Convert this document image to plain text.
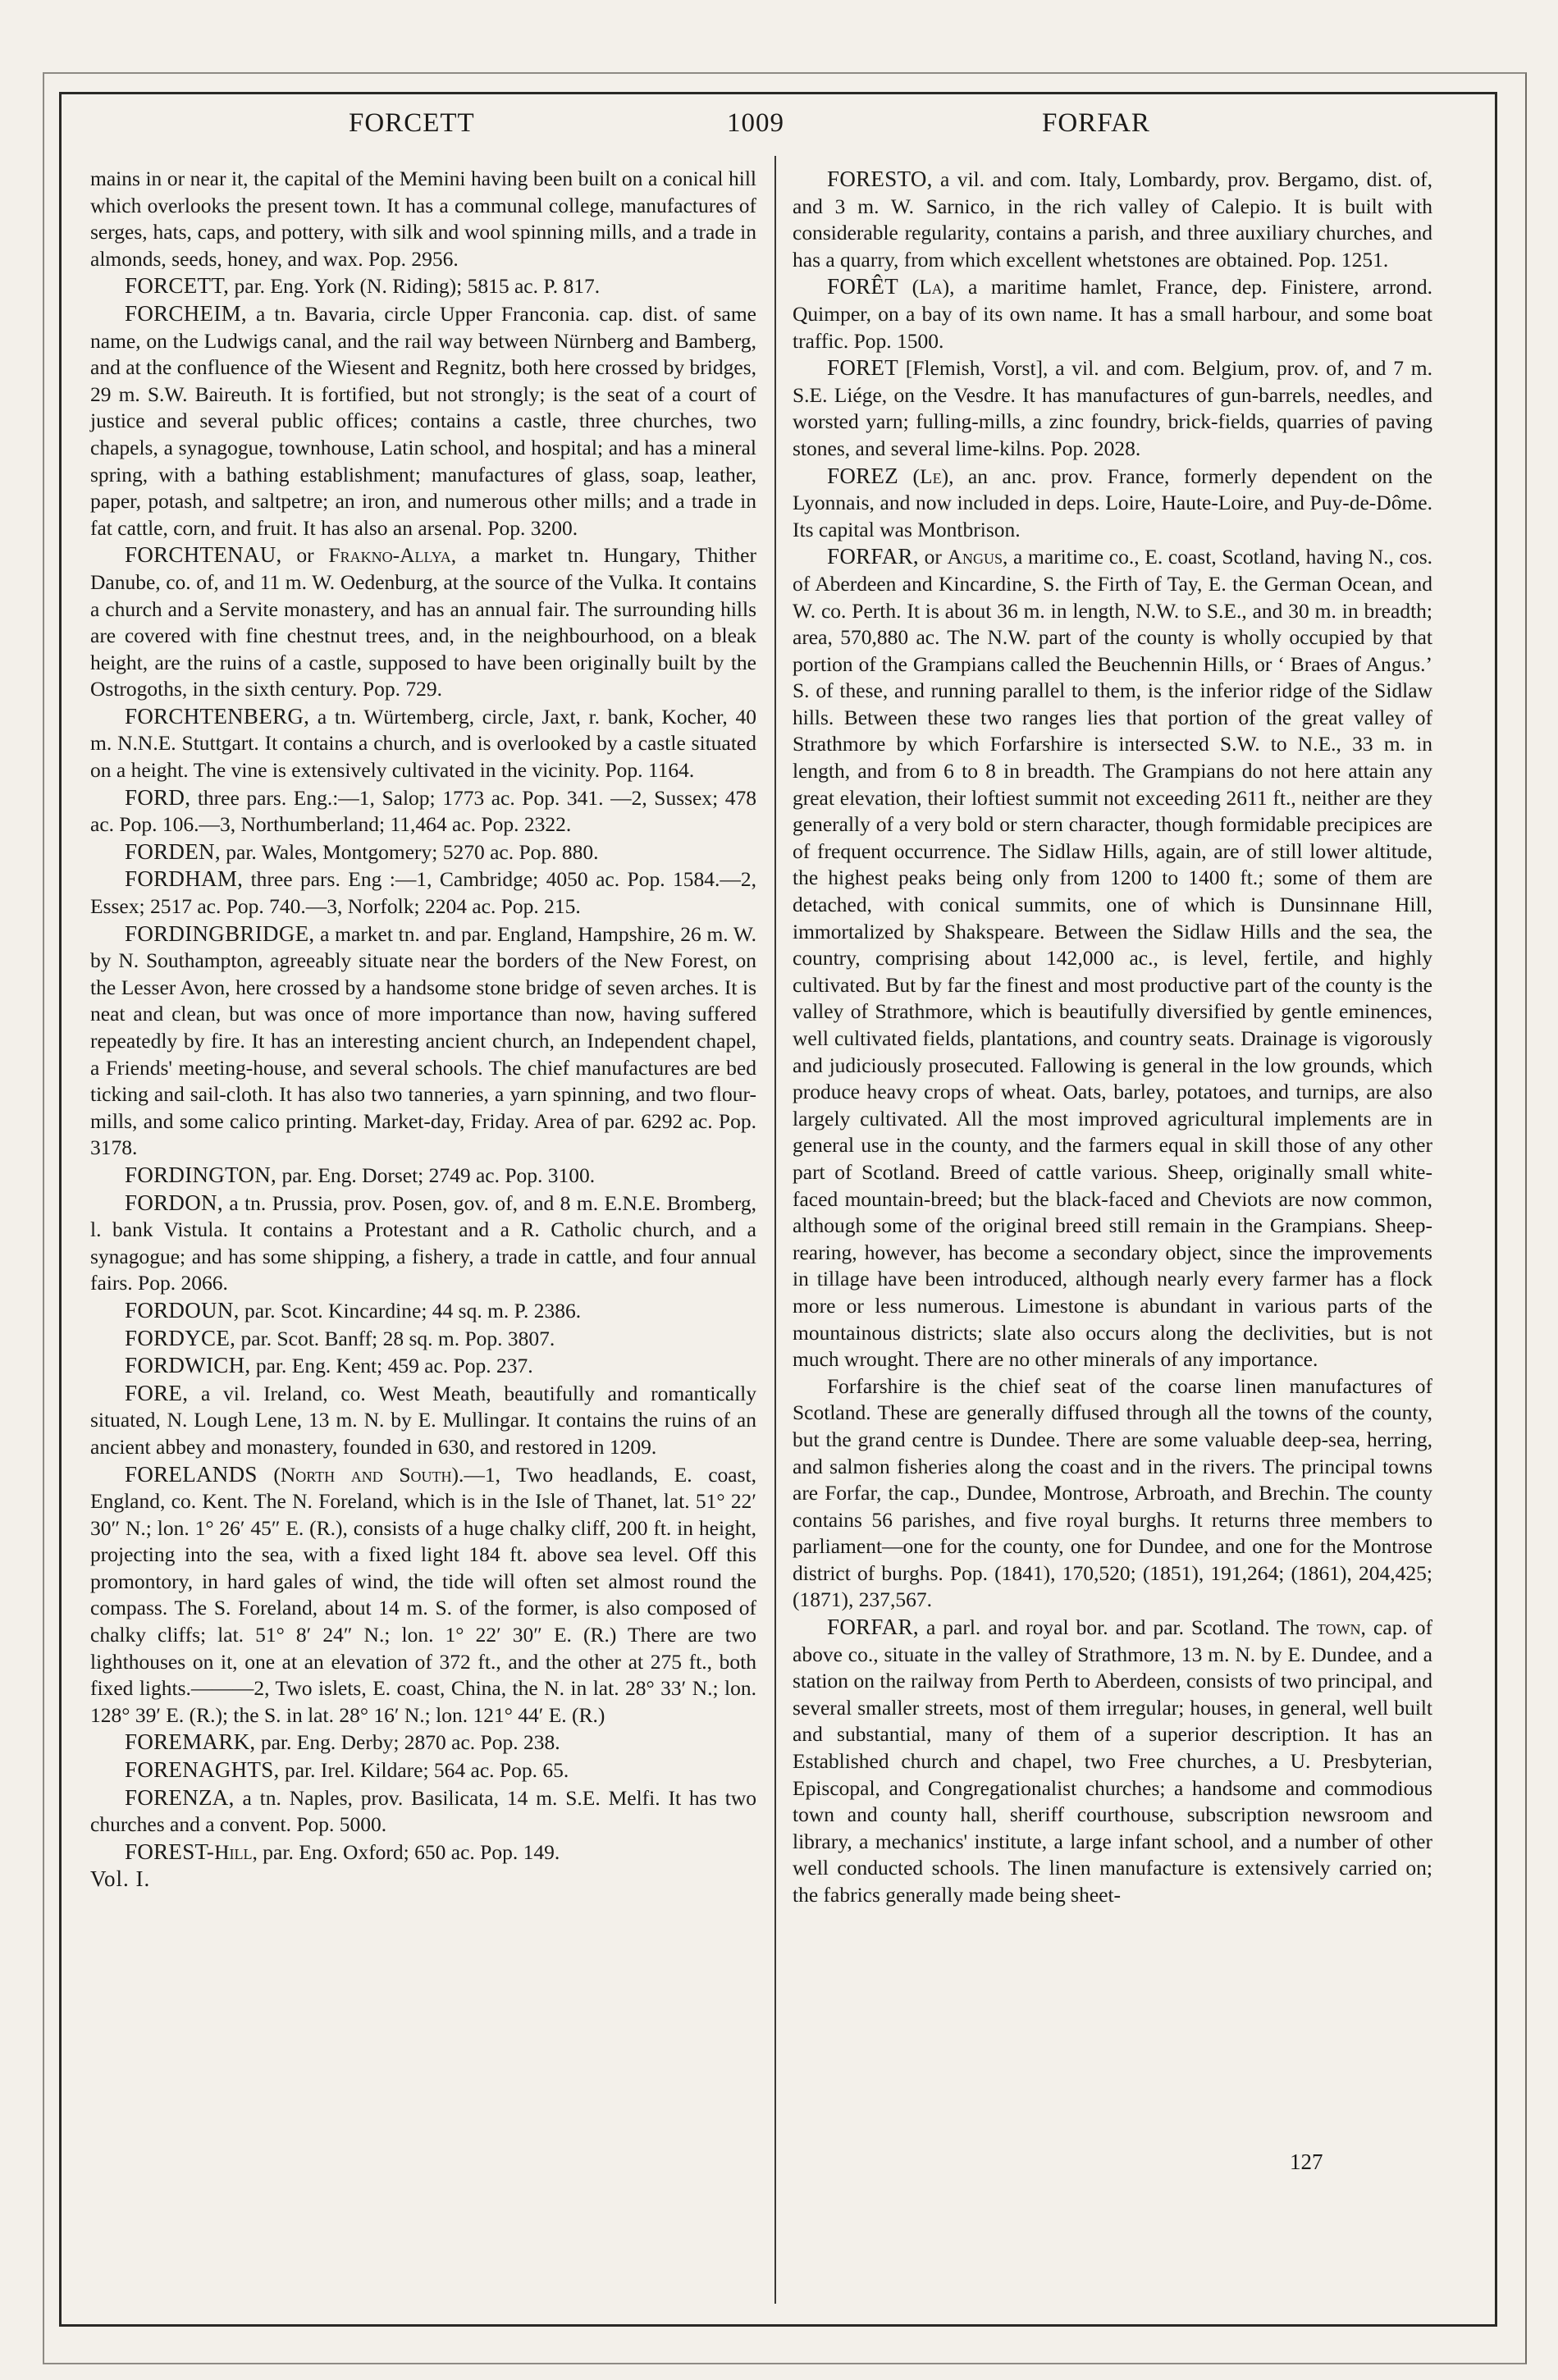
FORCETT	1009	FORFAR

mains in or near it, the capital of the Memini having been built on a conical hill which overlooks the present town. It has a communal college, manufactures of serges, hats, caps, and pottery, with silk and wool spinning mills, and a trade in almonds, seeds, honey, and wax. Pop. 2956.

FORCETT, par. Eng. York (N. Riding); 5815 ac. P. 817.

FORCHEIM, a tn. Bavaria, circle Upper Franconia. cap. dist. of same name, on the Ludwigs canal, and the rail way between Nürnberg and Bamberg, and at the confluence of the Wiesent and Regnitz, both here crossed by bridges, 29 m. S.W. Baireuth. It is fortified, but not strongly; is the seat of a court of justice and several public offices; contains a castle, three churches, two chapels, a synagogue, townhouse, Latin school, and hospital; and has a mineral spring, with a bathing establishment; manufactures of glass, soap, leather, paper, potash, and saltpetre; an iron, and numerous other mills; and a trade in fat cattle, corn, and fruit. It has also an arsenal. Pop. 3200.

FORCHTENAU, or Frakno-Allya, a market tn. Hungary, Thither Danube, co. of, and 11 m. W. Oedenburg, at the source of the Vulka. It contains a church and a Servite monastery, and has an annual fair. The surrounding hills are covered with fine chestnut trees, and, in the neighbourhood, on a bleak height, are the ruins of a castle, supposed to have been originally built by the Ostrogoths, in the sixth century. Pop. 729.

FORCHTENBERG, a tn. Würtemberg, circle, Jaxt, r. bank, Kocher, 40 m. N.N.E. Stuttgart. It contains a church, and is overlooked by a castle situated on a height. The vine is extensively cultivated in the vicinity. Pop. 1164.

FORD, three pars. Eng.:—1, Salop; 1773 ac. Pop. 341. —2, Sussex; 478 ac. Pop. 106.—3, Northumberland; 11,464 ac. Pop. 2322.

FORDEN, par. Wales, Montgomery; 5270 ac. Pop. 880.

FORDHAM, three pars. Eng :—1, Cambridge; 4050 ac. Pop. 1584.—2, Essex; 2517 ac. Pop. 740.—3, Norfolk; 2204 ac. Pop. 215.

FORDINGBRIDGE, a market tn. and par. England, Hampshire, 26 m. W. by N. Southampton, agreeably situate near the borders of the New Forest, on the Lesser Avon, here crossed by a handsome stone bridge of seven arches. It is neat and clean, but was once of more importance than now, having suffered repeatedly by fire. It has an interesting ancient church, an Independent chapel, a Friends' meeting-house, and several schools. The chief manufactures are bed ticking and sail-cloth. It has also two tanneries, a yarn spinning, and two flour-mills, and some calico printing. Market-day, Friday. Area of par. 6292 ac. Pop. 3178.

FORDINGTON, par. Eng. Dorset; 2749 ac. Pop. 3100.

FORDON, a tn. Prussia, prov. Posen, gov. of, and 8 m. E.N.E. Bromberg, l. bank Vistula. It contains a Protestant and a R. Catholic church, and a synagogue; and has some shipping, a fishery, a trade in cattle, and four annual fairs. Pop. 2066.

FORDOUN, par. Scot. Kincardine; 44 sq. m. P. 2386.

FORDYCE, par. Scot. Banff; 28 sq. m. Pop. 3807.

FORDWICH, par. Eng. Kent; 459 ac. Pop. 237.

FORE, a vil. Ireland, co. West Meath, beautifully and romantically situated, N. Lough Lene, 13 m. N. by E. Mullingar. It contains the ruins of an ancient abbey and monastery, founded in 630, and restored in 1209.

FORELANDS (North and South).—1, Two headlands, E. coast, England, co. Kent. The N. Foreland, which is in the Isle of Thanet, lat. 51° 22′ 30″ N.; lon. 1° 26′ 45″ E. (R.), consists of a huge chalky cliff, 200 ft. in height, projecting into the sea, with a fixed light 184 ft. above sea level. Off this promontory, in hard gales of wind, the tide will often set almost round the compass. The S. Foreland, about 14 m. S. of the former, is also composed of chalky cliffs; lat. 51° 8′ 24″ N.; lon. 1° 22′ 30″ E. (R.) There are two lighthouses on it, one at an elevation of 372 ft., and the other at 275 ft., both fixed lights.———2, Two islets, E. coast, China, the N. in lat. 28° 33′ N.; lon. 128° 39′ E. (R.); the S. in lat. 28° 16′ N.; lon. 121° 44′ E. (R.)

FOREMARK, par. Eng. Derby; 2870 ac. Pop. 238.

FORENAGHTS, par. Irel. Kildare; 564 ac. Pop. 65.

FORENZA, a tn. Naples, prov. Basilicata, 14 m. S.E. Melfi. It has two churches and a convent. Pop. 5000.

FOREST-Hill, par. Eng. Oxford; 650 ac. Pop. 149.

Vol. I.

FORESTO, a vil. and com. Italy, Lombardy, prov. Bergamo, dist. of, and 3 m. W. Sarnico, in the rich valley of Calepio. It is built with considerable regularity, contains a parish, and three auxiliary churches, and has a quarry, from which excellent whetstones are obtained. Pop. 1251.

FORÊT (La), a maritime hamlet, France, dep. Finistere, arrond. Quimper, on a bay of its own name. It has a small harbour, and some boat traffic. Pop. 1500.

FORET [Flemish, Vorst], a vil. and com. Belgium, prov. of, and 7 m. S.E. Liége, on the Vesdre. It has manufactures of gun-barrels, needles, and worsted yarn; fulling-mills, a zinc foundry, brick-fields, quarries of paving stones, and several lime-kilns. Pop. 2028.

FOREZ (Le), an anc. prov. France, formerly dependent on the Lyonnais, and now included in deps. Loire, Haute-Loire, and Puy-de-Dôme. Its capital was Montbrison.

FORFAR, or Angus, a maritime co., E. coast, Scotland, having N., cos. of Aberdeen and Kincardine, S. the Firth of Tay, E. the German Ocean, and W. co. Perth. It is about 36 m. in length, N.W. to S.E., and 30 m. in breadth; area, 570,880 ac. The N.W. part of the county is wholly occupied by that portion of the Grampians called the Beuchennin Hills, or ‘ Braes of Angus.’ S. of these, and running parallel to them, is the inferior ridge of the Sidlaw hills. Between these two ranges lies that portion of the great valley of Strathmore by which Forfarshire is intersected S.W. to N.E., 33 m. in length, and from 6 to 8 in breadth. The Grampians do not here attain any great elevation, their loftiest summit not exceeding 2611 ft., neither are they generally of a very bold or stern character, though formidable precipices are of frequent occurrence. The Sidlaw Hills, again, are of still lower altitude, the highest peaks being only from 1200 to 1400 ft.; some of them are detached, with conical summits, one of which is Dunsinnane Hill, immortalized by Shakspeare. Between the Sidlaw Hills and the sea, the country, comprising about 142,000 ac., is level, fertile, and highly cultivated. But by far the finest and most productive part of the county is the valley of Strathmore, which is beautifully diversified by gentle eminences, well cultivated fields, plantations, and country seats. Drainage is vigorously and judiciously prosecuted. Fallowing is general in the low grounds, which produce heavy crops of wheat. Oats, barley, potatoes, and turnips, are also largely cultivated. All the most improved agricultural implements are in general use in the county, and the farmers equal in skill those of any other part of Scotland. Breed of cattle various. Sheep, originally small white-faced mountain-breed; but the black-faced and Cheviots are now common, although some of the original breed still remain in the Grampians. Sheep-rearing, however, has become a secondary object, since the improvements in tillage have been introduced, although nearly every farmer has a flock more or less numerous. Limestone is abundant in various parts of the mountainous districts; slate also occurs along the declivities, but is not much wrought. There are no other minerals of any importance.

Forfarshire is the chief seat of the coarse linen manufactures of Scotland. These are generally diffused through all the towns of the county, but the grand centre is Dundee. There are some valuable deep-sea, herring, and salmon fisheries along the coast and in the rivers. The principal towns are Forfar, the cap., Dundee, Montrose, Arbroath, and Brechin. The county contains 56 parishes, and five royal burghs. It returns three members to parliament—one for the county, one for Dundee, and one for the Montrose district of burghs. Pop. (1841), 170,520; (1851), 191,264; (1861), 204,425; (1871), 237,567.

FORFAR, a parl. and royal bor. and par. Scotland. The town, cap. of above co., situate in the valley of Strathmore, 13 m. N. by E. Dundee, and a station on the railway from Perth to Aberdeen, consists of two principal, and several smaller streets, most of them irregular; houses, in general, well built and substantial, many of them of a superior description. It has an Established church and chapel, two Free churches, a U. Presbyterian, Episcopal, and Congregationalist churches; a handsome and commodious town and county hall, sheriff courthouse, subscription newsroom and library, a mechanics' institute, a large infant school, and a number of other well conducted schools. The linen manufacture is extensively carried on; the fabrics generally made being sheet-

127
